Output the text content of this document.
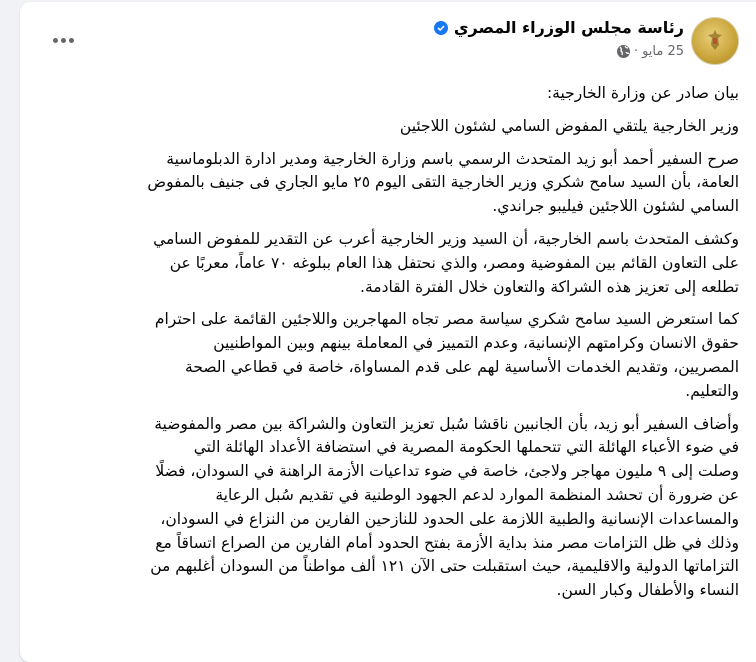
رئاسة مجلس الوزراء المصري
25 مايو
·
بيان صادر عن وزارة الخارجية:
وزير الخارجية يلتقي المفوض السامي لشئون اللاجئين
صرح السفير أحمد أبو زيد المتحدث الرسمي باسم وزارة الخارجية ومدير ادارة الدبلوماسية
العامة، بأن السيد سامح شكري وزير الخارجية التقى اليوم ٢٥ مايو الجاري فى جنيف بالمفوض
السامي لشئون اللاجئين فيليبو جراندي.
وكشف المتحدث باسم الخارجية، أن السيد وزير الخارجية أعرب عن التقدير للمفوض السامي
على التعاون القائم بين المفوضية ومصر، والذي نحتفل هذا العام ببلوغه ٧٠ عاماً، معربًا عن
تطلعه إلى تعزيز هذه الشراكة والتعاون خلال الفترة القادمة.
كما استعرض السيد سامح شكري سياسة مصر تجاه المهاجرين واللاجئين القائمة على احترام
حقوق الانسان وكرامتهم الإنسانية، وعدم التمييز في المعاملة بينهم وبين المواطنيين
المصريين، وتقديم الخدمات الأساسية لهم على قدم المساواة، خاصة في قطاعي الصحة
والتعليم.
وأضاف السفير أبو زيد، بأن الجانبين ناقشا سُبل تعزيز التعاون والشراكة بين مصر والمفوضية
في ضوء الأعباء الهائلة التي تتحملها الحكومة المصرية في استضافة الأعداد الهائلة التي
وصلت إلى ٩ مليون مهاجر ولاجئ، خاصة في ضوء تداعيات الأزمة الراهنة في السودان، فضلًا
عن ضرورة أن تحشد المنظمة الموارد لدعم الجهود الوطنية في تقديم سُبل الرعاية
والمساعدات الإنسانية والطبية اللازمة على الحدود للنازحين الفارين من النزاع في السودان،
وذلك في ظل التزامات مصر منذ بداية الأزمة بفتح الحدود أمام الفارين من الصراع اتساقاً مع
التزاماتها الدولية والاقليمية، حيث استقبلت حتى الآن ١٢١ ألف مواطناً من السودان أغلبهم من
النساء والأطفال وكبار السن.
